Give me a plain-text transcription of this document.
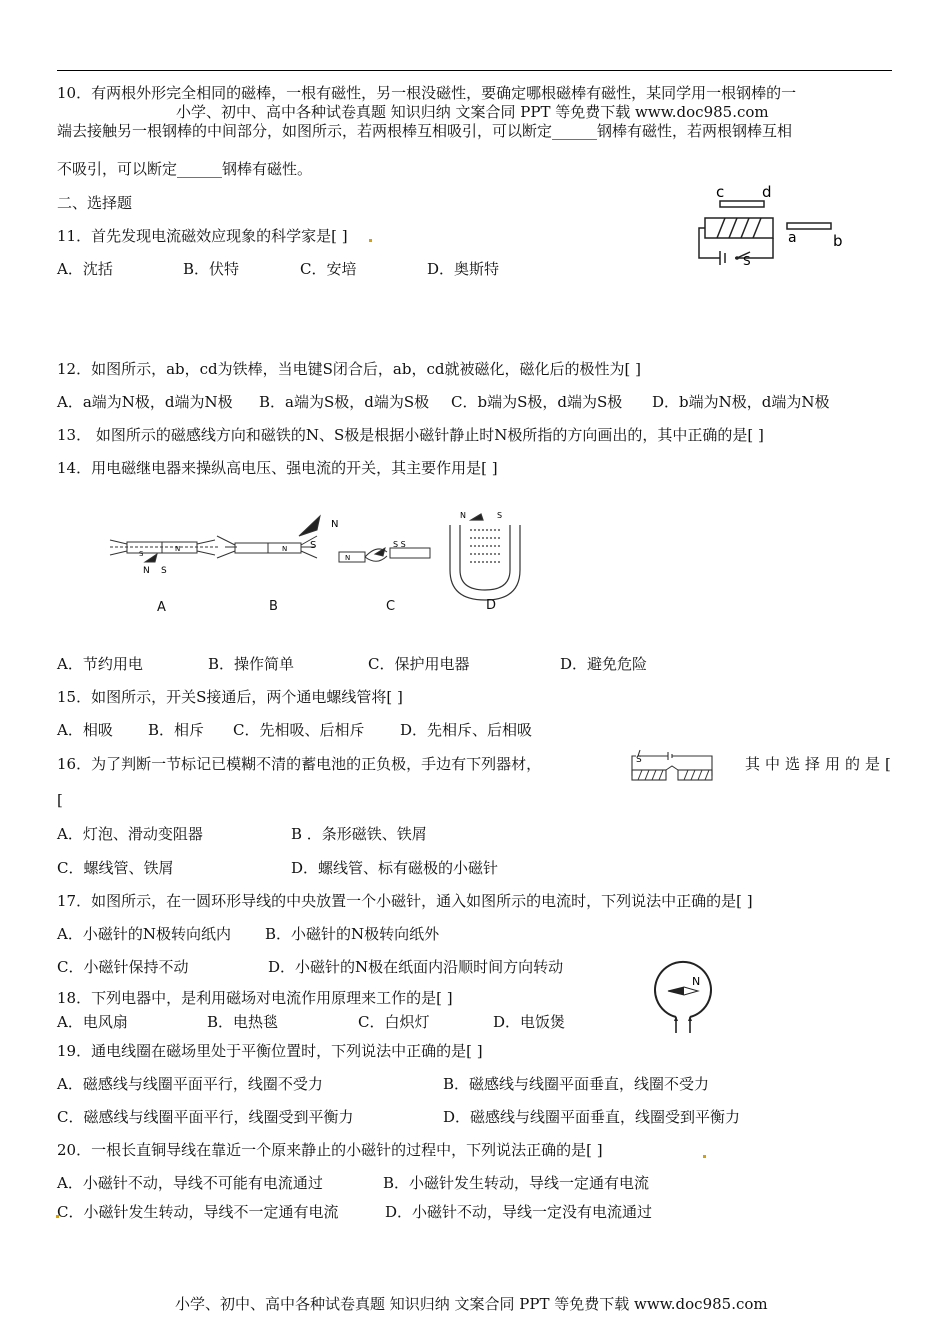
10．有两根外形完全相同的磁棒，一根有磁性，另一根没磁性，要确定哪根磁棒有磁性，某同学用一根钢棒的一
小学、初中、高中各种试卷真题 知识归纳 文案合同 PPT 等免费下载 www.doc985.com
端去接触另一根钢棒的中间部分，如图所示，若两根棒互相吸引，可以断定______钢棒有磁性，若两根钢棒互相
不吸引，可以断定______钢棒有磁性。
二、选择题
11．首先发现电流磁效应现象的科学家是[ ]
A．沈括	B．伏特	C．安培	D．奥斯特
c	d
a b
S
12．如图所示，ab，cd为铁棒，当电键S闭合后，ab，cd就被磁化，磁化后的极性为[ ]
A．a端为N极，d端为N极 B．a端为S极，d端为S极 C．b端为S极，d端为S极 D．b端为N极，d端为N极
13． 如图所示的磁感线方向和磁铁的N、S极是根据小磁针静止时N极所指的方向画出的，其中正确的是[ ]
14．用电磁继电器来操纵高电压、强电流的开关，其主要作用是[ ]
S
N
N S
N
N
S
N
S S
N	S
A	B	C	D
A．节约用电	B．操作简单	C．保护用电器	D．避免危险
15．如图所示，开关S接通后，两个通电螺线管将[ ]
A．相吸 B．相斥 C．先相吸、后相斥 D．先相斥、后相吸
S
16．为了判断一节标记已模糊不清的蓄电池的正负极，手边有下列器材，	其中选择用的是[
[
A．灯泡、滑动变阻器	B ．条形磁铁、铁屑
C．螺线管、铁屑	D．螺线管、标有磁极的小磁针
17．如图所示，在一圆环形导线的中央放置一个小磁针，通入如图所示的电流时，下列说法中正确的是[ ]
A．小磁针的N极转向纸内 B．小磁针的N极转向纸外
C．小磁针保持不动	D．小磁针的N极在纸面内沿顺时间方向转动
N
18．下列电器中，是利用磁场对电流作用原理来工作的是[ ]
A．电风扇	B．电热毯	C．白炽灯	D．电饭煲
19．通电线圈在磁场里处于平衡位置时，下列说法中正确的是[ ]
A．磁感线与线圈平面平行，线圈不受力	B．磁感线与线圈平面垂直，线圈不受力
C．磁感线与线圈平面平行，线圈受到平衡力	D．磁感线与线圈平面垂直，线圈受到平衡力
20．一根长直铜导线在靠近一个原来静止的小磁针的过程中，下列说法正确的是[ ]
A．小磁针不动，导线不可能有电流通过	B．小磁针发生转动，导线一定通有电流
C．小磁针发生转动，导线不一定通有电流	D．小磁针不动，导线一定没有电流通过
小学、初中、高中各种试卷真题 知识归纳 文案合同 PPT 等免费下载 www.doc985.com
